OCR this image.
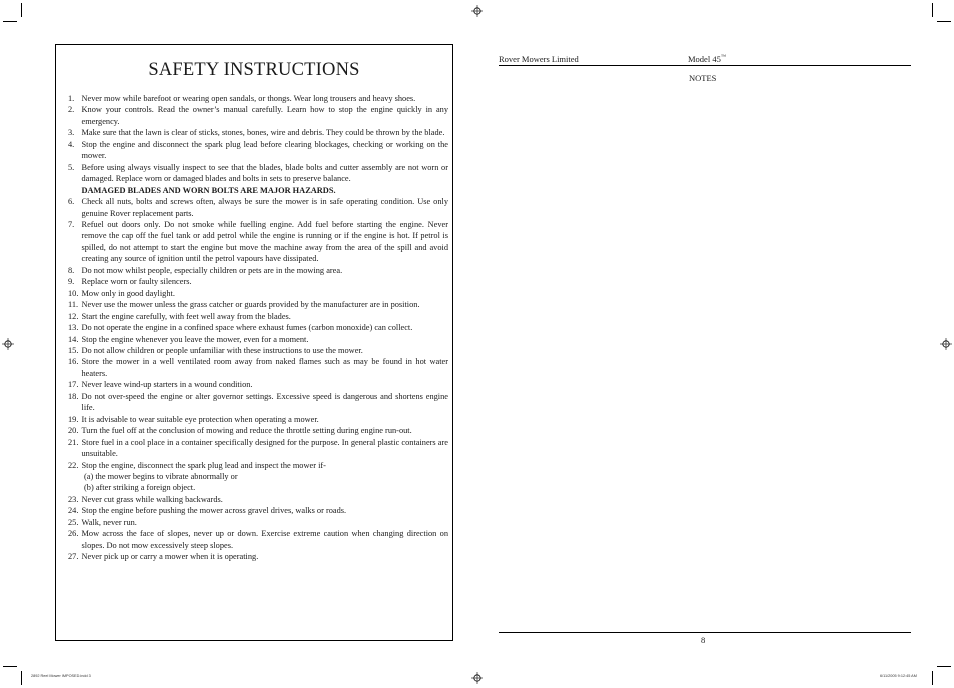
SAFETY INSTRUCTIONS
1. Never mow while barefoot or wearing open sandals, or thongs. Wear long trousers and heavy shoes.
2. Know your controls. Read the owner’s manual carefully. Learn how to stop the engine quickly in any emergency.
3. Make sure that the lawn is clear of sticks, stones, bones, wire and debris. They could be thrown by the blade.
4. Stop the engine and disconnect the spark plug lead before clearing blockages, checking or working on the mower.
5. Before using always visually inspect to see that the blades, blade bolts and cutter assembly are not worn or damaged. Replace worn or damaged blades and bolts in sets to preserve balance.
DAMAGED BLADES AND WORN BOLTS ARE MAJOR HAZARDS.
6. Check all nuts, bolts and screws often, always be sure the mower is in safe operating condition. Use only genuine Rover replacement parts.
7. Refuel out doors only. Do not smoke while fuelling engine. Add fuel before starting the engine. Never remove the cap off the fuel tank or add petrol while the engine is running or if the engine is hot. If petrol is spilled, do not attempt to start the engine but move the machine away from the area of the spill and avoid creating any source of ignition until the petrol vapours have dissipated.
8. Do not mow whilst people, especially children or pets are in the mowing area.
9. Replace worn or faulty silencers.
10. Mow only in good daylight.
11. Never use the mower unless the grass catcher or guards provided by the manufacturer are in position.
12. Start the engine carefully, with feet well away from the blades.
13. Do not operate the engine in a confined space where exhaust fumes (carbon monoxide) can collect.
14. Stop the engine whenever you leave the mower, even for a moment.
15. Do not allow children or people unfamiliar with these instructions to use the mower.
16. Store the mower in a well ventilated room away from naked flames such as may be found in hot water heaters.
17. Never leave wind-up starters in a wound condition.
18. Do not over-speed the engine or alter governor settings. Excessive speed is dangerous and shortens engine life.
19. It is advisable to wear suitable eye protection when operating a mower.
20. Turn the fuel off at the conclusion of mowing and reduce the throttle setting during engine run-out.
21. Store fuel in a cool place in a container specifically designed for the purpose. In general plastic containers are unsuitable.
22. Stop the engine, disconnect the spark plug lead and inspect the mower if-
(a) the mower begins to vibrate abnormally or
(b) after striking a foreign object.
23. Never cut grass while walking backwards.
24. Stop the engine before pushing the mower across gravel drives, walks or roads.
25. Walk, never run.
26. Mow across the face of slopes, never up or down. Exercise extreme caution when changing direction on slopes. Do not mow excessively steep slopes.
27. Never pick up or carry a mower when it is operating.
Rover Mowers Limited	Model 45™
NOTES
8
2892 Reel Mower IMPOSED.indd 3	6/11/2005 9:12:45 AM
